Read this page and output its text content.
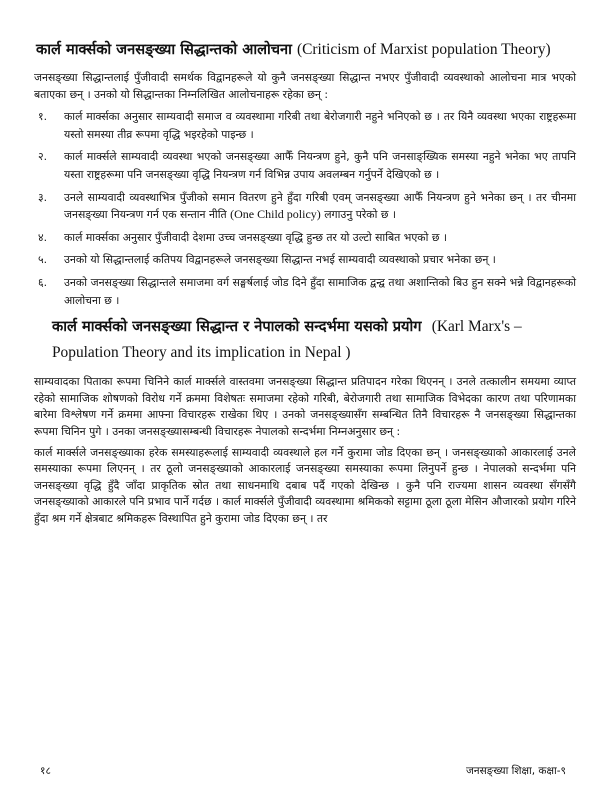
कार्ल मार्क्सको जनसङ्ख्या सिद्धान्तको आलोचना (Criticism of Marxist population Theory)

जनसङ्ख्या सिद्धान्तलाई पुँजीवादी समर्थक विद्वानहरूले यो कुनै जनसङ्ख्या सिद्धान्त नभएर पुँजीवादी व्यवस्थाको आलोचना मात्र भएको बताएका छन् । उनको यो सिद्धान्तका निम्नलिखित आलोचनाहरू रहेका छन् :

१. कार्ल मार्क्सका अनुसार साम्यवादी समाज व व्यवस्थामा गरिबी तथा बेरोजगारी नहुने भनिएको छ । तर यिनै व्यवस्था भएका राष्ट्रहरूमा यस्तो समस्या तीव्र रूपमा वृद्धि भइरहेको पाइन्छ ।
२. कार्ल मार्क्सले साम्यवादी व्यवस्था भएको जनसङ्ख्या आफैँ नियन्त्रण हुने, कुनै पनि जनसाङ्ख्यिक समस्या नहुने भनेका भए तापनि यस्ता राष्ट्रहरूमा पनि जनसङ्ख्या वृद्धि नियन्त्रण गर्न विभिन्न उपाय अवलम्बन गर्नुपर्ने देखिएको छ ।
३. उनले साम्यवादी व्यवस्थाभित्र पुँजीको समान वितरण हुने हुँदा गरिबी एवम् जनसङ्ख्या आफैँ नियन्त्रण हुने भनेका छन् । तर चीनमा जनसङ्ख्या नियन्त्रण गर्न एक सन्तान नीति (One Child policy) लगाउनु परेको छ ।
४. कार्ल मार्क्सका अनुसार पुँजीवादी देशमा उच्च जनसङ्ख्या वृद्धि हुन्छ तर यो उल्टो साबित भएको छ ।
५. उनको यो सिद्धान्तलाई कतिपय विद्वानहरूले जनसङ्ख्या सिद्धान्त नभई साम्यवादी व्यवस्थाको प्रचार भनेका छन् ।
६. उनको जनसङ्ख्या सिद्धान्तले समाजमा वर्ग सङ्घर्षलाई जोड दिने हुँदा सामाजिक द्वन्द्व तथा अशान्तिको बिउ हुन सक्ने भन्ने विद्वानहरूको आलोचना छ ।
कार्ल मार्क्सको जनसङ्ख्या सिद्धान्त र नेपालको सन्दर्भमा यसको प्रयोग (Karl Marx's – Population Theory and its implication in Nepal )

साम्यवादका पिताका रूपमा चिनिने कार्ल मार्क्सले वास्तवमा जनसङ्ख्या सिद्धान्त प्रतिपादन गरेका थिएनन् । उनले तत्कालीन समयमा व्याप्त रहेको सामाजिक शोषणको विरोध गर्ने क्रममा विशेषतः समाजमा रहेको गरिबी, बेरोजगारी तथा सामाजिक विभेदका कारण तथा परिणामका बारेमा विश्लेषण गर्ने क्रममा आफ्ना विचारहरू राखेका थिए । उनको जनसङ्ख्यासँग सम्बन्धित तिनै विचारहरू नै जनसङ्ख्या सिद्धान्तका रूपमा चिनिन पुगे । उनका जनसङ्ख्यासम्बन्धी विचारहरू नेपालको सन्दर्भमा निम्नअनुसार छन् :

कार्ल मार्क्सले जनसङ्ख्याका हरेक समस्याहरूलाई साम्यवादी व्यवस्थाले हल गर्ने कुरामा जोड दिएका छन् । जनसङ्ख्याको आकारलाई उनले समस्याका रूपमा लिएनन् । तर ठूलो जनसङ्ख्याको आकारलाई जनसङ्ख्या समस्याका रूपमा लिनुपर्ने हुन्छ । नेपालको सन्दर्भमा पनि जनसङ्ख्या वृद्धि हुँदै जाँदा प्राकृतिक स्रोत तथा साधनमाथि दबाब पर्दै गएको देखिन्छ । कुनै पनि राज्यमा शासन व्यवस्था सँगसँगै जनसङ्ख्याको आकारले पनि प्रभाव पार्ने गर्दछ । कार्ल मार्क्सले पुँजीवादी व्यवस्थामा श्रमिकको सट्टामा ठूला ठूला मेसिन औजारको प्रयोग गरिने हुँदा श्रम गर्ने क्षेत्रबाट श्रमिकहरू विस्थापित हुने कुरामा जोड दिएका छन् । तर

१८	जनसङ्ख्या शिक्षा, कक्षा-९
